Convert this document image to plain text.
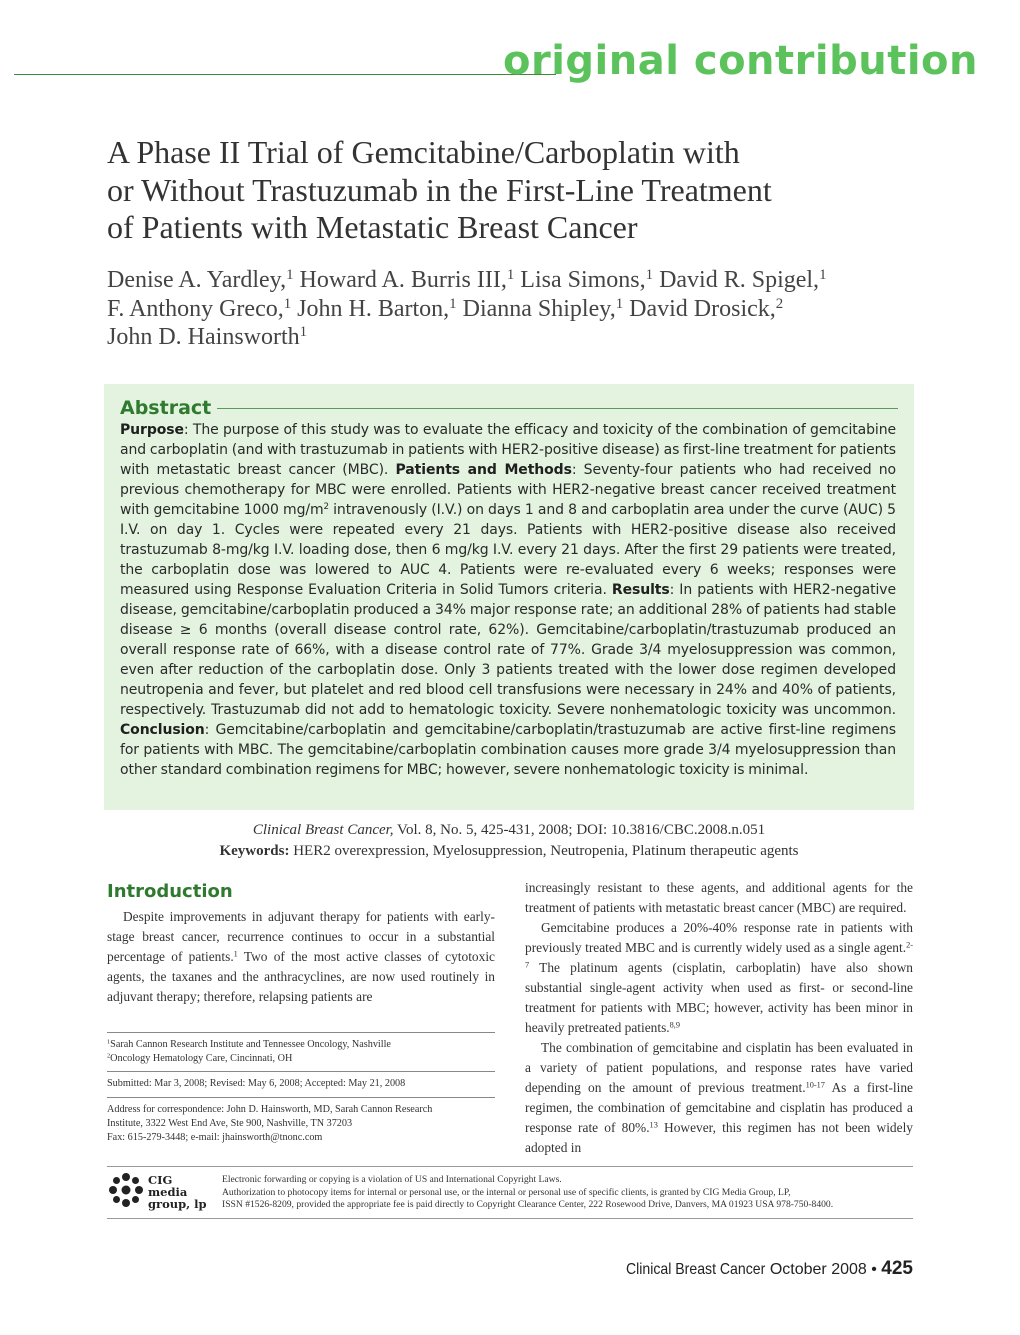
original contribution
A Phase II Trial of Gemcitabine/Carboplatin with
or Without Trastuzumab in the First-Line Treatment
of Patients with Metastatic Breast Cancer
Denise A. Yardley,$^1$ Howard A. Burris III,$^1$ Lisa Simons,$^1$ David R. Spigel,$^1$
F. Anthony Greco,$^1$ John H. Barton,$^1$ Dianna Shipley,$^1$ David Drosick,$^2$
John D. Hainsworth$^1$
Abstract
Purpose: The purpose of this study was to evaluate the efficacy and toxicity of the combination of gemcitabine and carboplatin (and with trastuzumab in patients with HER2-positive disease) as first-line treatment for patients with metastatic breast cancer (MBC). Patients and Methods: Seventy-four patients who had received no previous chemotherapy for MBC were enrolled. Patients with HER2-negative breast cancer received treatment with gemcitabine 1000 $mg/m^2$ intravenously (I.V.) on days 1 and 8 and carboplatin area under the curve (AUC) 5 I.V. on day 1. Cycles were repeated every 21 days. Patients with HER2-positive disease also received trastuzumab 8-mg/kg I.V. loading dose, then 6 mg/kg I.V. every 21 days. After the first 29 patients were treated, the carboplatin dose was lowered to AUC 4. Patients were re-evaluated every 6 weeks; responses were measured using Response Evaluation Criteria in Solid Tumors criteria. Results: In patients with HER2-negative disease, gemcitabine/carboplatin produced a 34% major response rate; an additional 28% of patients had stable disease ≥ 6 months (overall disease control rate, 62%). Gemcitabine/carboplatin/trastuzumab produced an overall response rate of 66%, with a disease control rate of 77%. Grade 3/4 myelosuppression was common, even after reduction of the carboplatin dose. Only 3 patients treated with the lower dose regimen developed neutropenia and fever, but platelet and red blood cell transfusions were necessary in 24% and 40% of patients, respectively. Trastuzumab did not add to hematologic toxicity. Severe nonhematologic toxicity was uncommon. Conclusion: Gemcitabine/carboplatin and gemcitabine/carboplatin/trastuzumab are active first-line regimens for patients with MBC. The gemcitabine/carboplatin combination causes more grade 3/4 myelosuppression than other standard combination regimens for MBC; however, severe nonhematologic toxicity is minimal.
Clinical Breast Cancer, Vol. 8, No. 5, 425-431, 2008; DOI: 10.3816/CBC.2008.n.051
Keywords: HER2 overexpression, Myelosuppression, Neutropenia, Platinum therapeutic agents
Introduction

Despite improvements in adjuvant therapy for patients with early-stage breast cancer, recurrence continues to occur in a substantial percentage of patients.$^1$ Two of the most active classes of cytotoxic agents, the taxanes and the anthracyclines, are now used routinely in adjuvant therapy; therefore, relapsing patients are

$^1$Sarah Cannon Research Institute and Tennessee Oncology, Nashville
$^2$Oncology Hematology Care, Cincinnati, OH
Submitted: Mar 3, 2008; Revised: May 6, 2008; Accepted: May 21, 2008
Address for correspondence: John D. Hainsworth, MD, Sarah Cannon Research
Institute, 3322 West End Ave, Ste 900, Nashville, TN 37203
Fax: 615-279-3448; e-mail: jhainsworth@tnonc.com

increasingly resistant to these agents, and additional agents for the treatment of patients with metastatic breast cancer (MBC) are required.

Gemcitabine produces a 20%-40% response rate in patients with previously treated MBC and is currently widely used as a single agent.$^{2-7}$ The platinum agents (cisplatin, carboplatin) have also shown substantial single-agent activity when used as first- or second-line treatment for patients with MBC; however, activity has been minor in heavily pretreated patients.$^{8,9}$

The combination of gemcitabine and cisplatin has been evaluated in a variety of patient populations, and response rates have varied depending on the amount of previous treatment.$^{10-17}$ As a first-line regimen, the combination of gemcitabine and cisplatin has produced a response rate of 80%.$^{13}$ However, this regimen has not been widely adopted in

CIG
media
group, lp
Electronic forwarding or copying is a violation of US and International Copyright Laws.
Authorization to photocopy items for internal or personal use, or the internal or personal use of specific clients, is granted by CIG Media Group, LP,
ISSN #1526-8209, provided the appropriate fee is paid directly to Copyright Clearance Center, 222 Rosewood Drive, Danvers, MA 01923 USA 978-750-8400.
Clinical Breast Cancer October 2008 • 425
